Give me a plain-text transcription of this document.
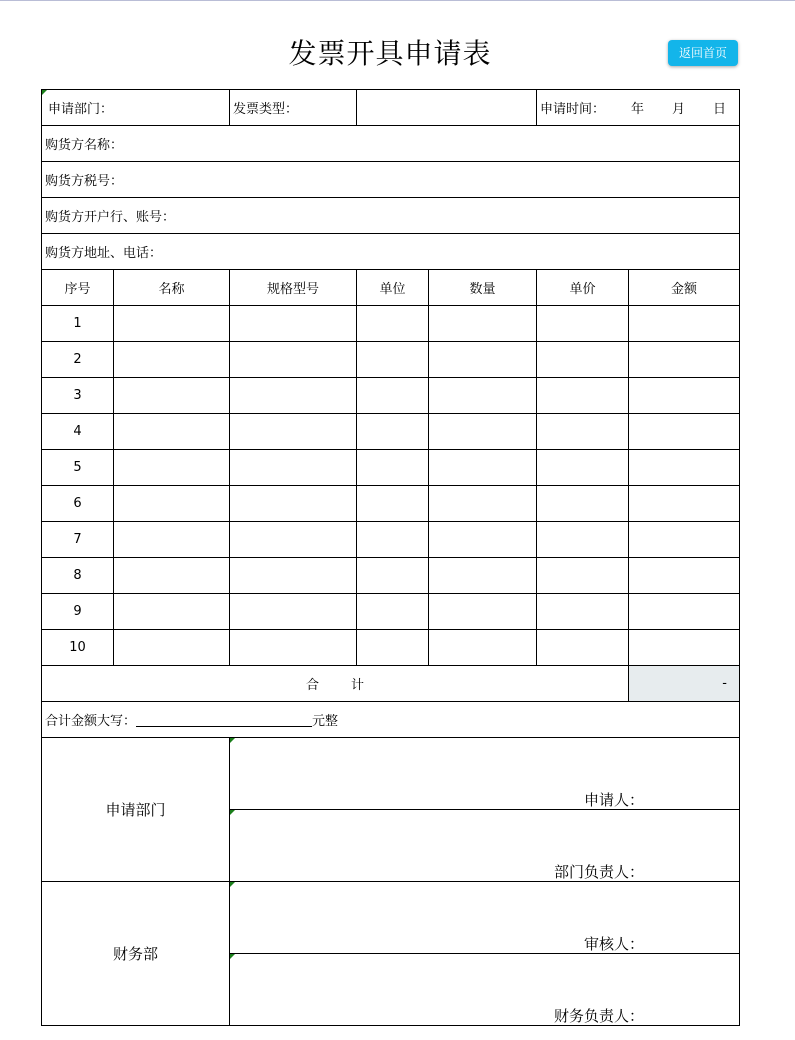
发票开具申请表	返回首页
申请部门： 发票类型：					申请时间： 年 月 日	
购货方名称：						
购货方税号：						
购货方开户行、账号：						
购货方地址、电话：						
序号	名称	规格型号	单位	数量	单价	金额
1						
2						
3						
4						
5						
6						
7						
8						
9						
10						
合 计						-
合计金额大写： 元整						
申请部门		申请人：				
		部门负责人：				
财务部		审核人：				
		财务负责人：				
